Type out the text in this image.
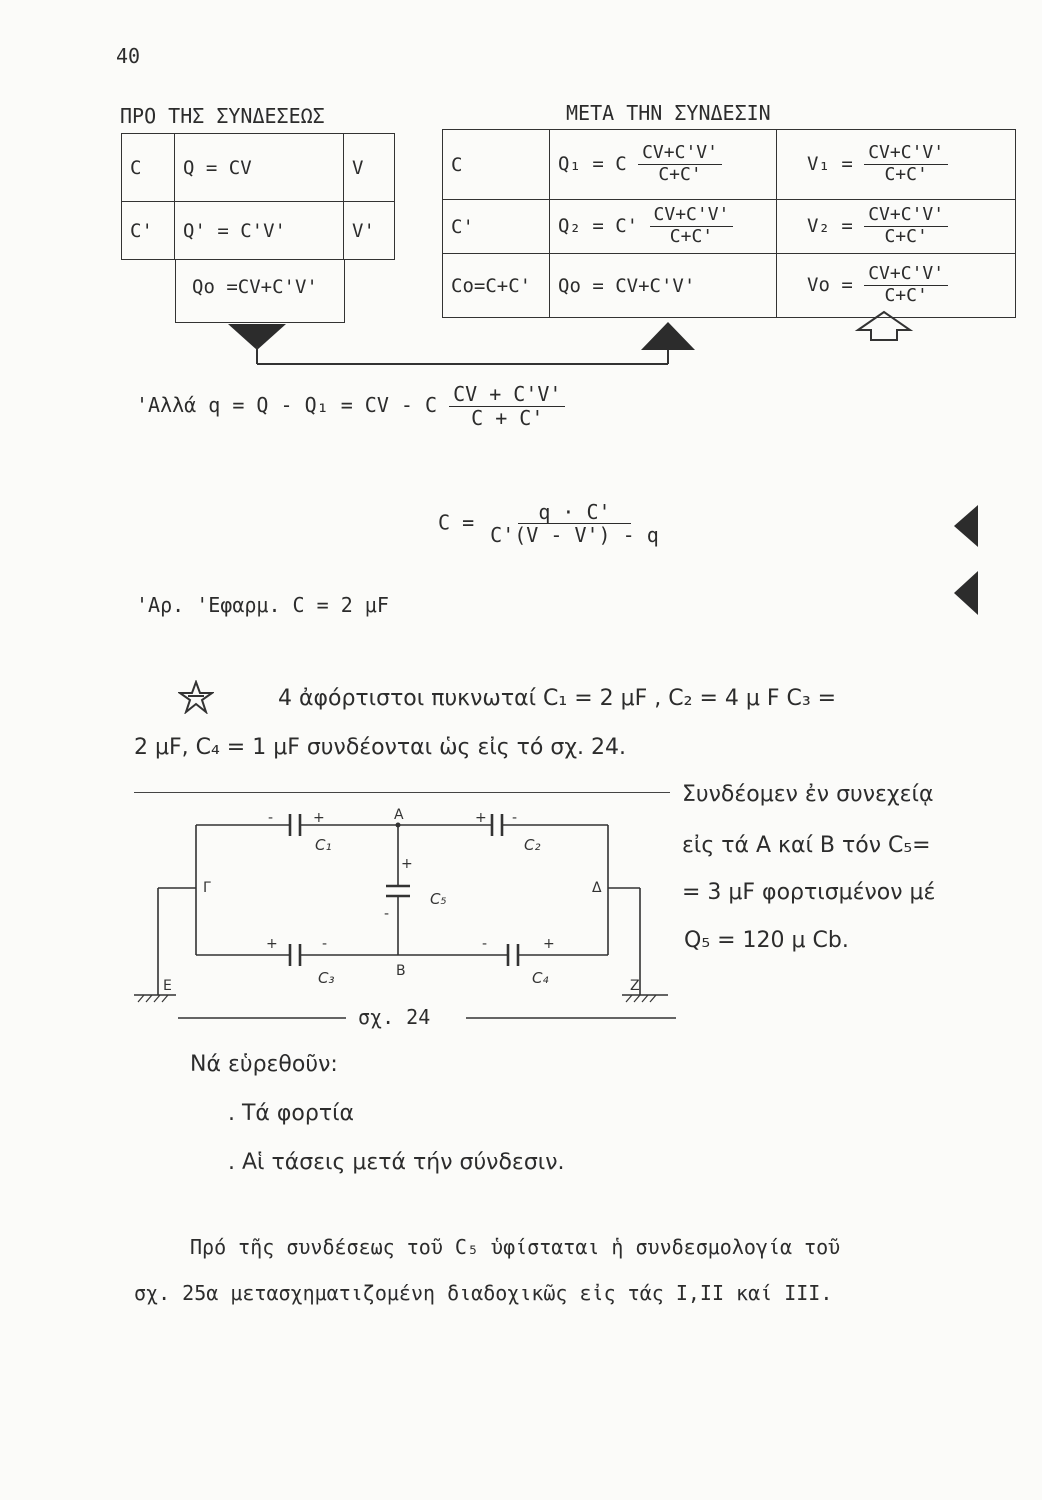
40
ΠΡΟ ΤΗΣ ΣΥΝΔΕΣΕΩΣ	ΜΕΤΑ ΤΗΝ ΣΥΝΔΕΣΙΝ
C	Q = CV	V
C'	Q' = C'V'	V'
Qo =CV+C'V'
C	Q₁ = C $\frac{CV+C'V'}{C+C'}$	$V_1 = \frac{CV+C'V'}{C+C'}$

C'	$Q_2 = C' \frac{CV+C'V'}{C+C'}$	$V_2 = \frac{CV+C'V'}{C+C'}$

Co=C+C'	Qo = CV+C'V'	$Vo = \frac{CV+C'V'}{C+C'}$
'Αλλά q = Q - Q₁ = CV - C $\frac{CV + C'V'}{C + C'}$
$C = \frac{q \cdot C'}{C'(V - V') - q}$
'Αρ. 'Εφαρμ. C = 2 μF
4 ἀφόρτιστοι πυκνωταί C₁ = 2 μF , C₂ = 4 μ F C₃ =
2 μF, C₄ = 1 μF συνδέονται ὡς εἰς τό σχ. 24.
Συνδέομεν ἐν συνεχείᾳ
εἰς τά A καί B τόν C₅=
= 3 μF φορτισμένον μέ
Q₅ = 120 μ Cb.
-	+	+ -
+	-	-	+
+
-
C₁	C₂
C₃	C₄
C₅
A
B
Γ	Δ
E	Z
σχ. 24
Νά εὑρεθοῦν:
. Τά φορτία
. Αἱ τάσεις μετά τήν σύνδεσιν.
Πρό τῆς συνδέσεως τοῦ C₅ ὑφίσταται ἡ συνδεσμολογία τοῦ
σχ. 25α μετασχηματιζομένη διαδοχικῶς εἰς τάς I,II καί III.
